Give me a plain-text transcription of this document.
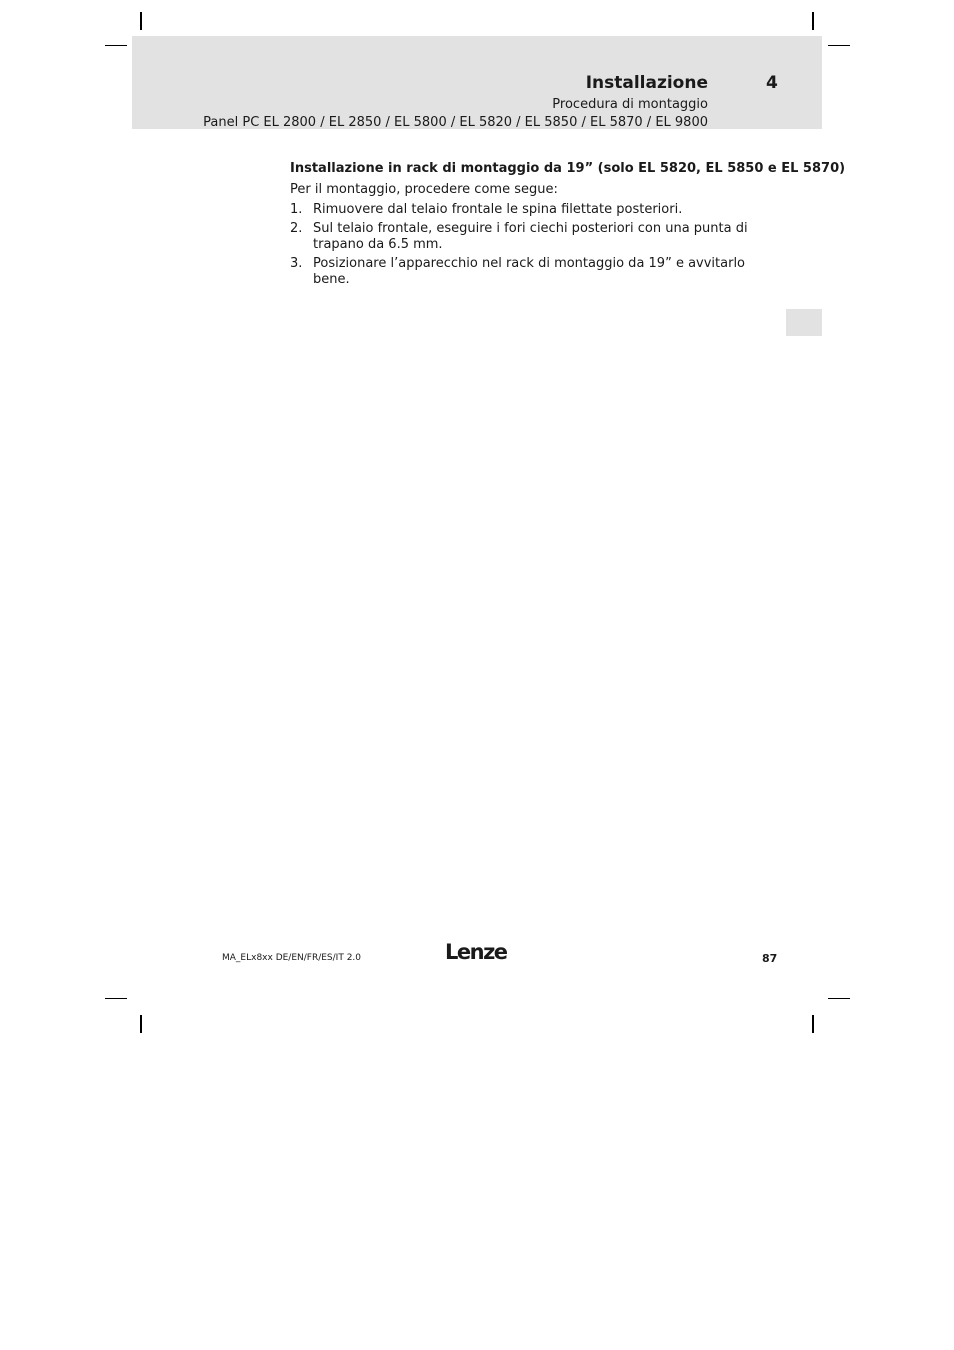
Installazione	4
Procedura di montaggio
Panel PC EL 2800 / EL 2850 / EL 5800 / EL 5820 / EL 5850 / EL 5870 / EL 9800

Installazione in rack di montaggio da 19” (solo EL 5820, EL 5850 e EL 5870)

Per il montaggio, procedere come segue:

1. Rimuovere dal telaio frontale le spina filettate posteriori.
2. Sul telaio frontale, eseguire i fori ciechi posteriori con una punta di trapano da 6.5 mm.
3. Posizionare l’apparecchio nel rack di montaggio da 19” e avvitarlo bene.
MA_ELx8xx DE/EN/FR/ES/IT 2.0	Lenze	87
